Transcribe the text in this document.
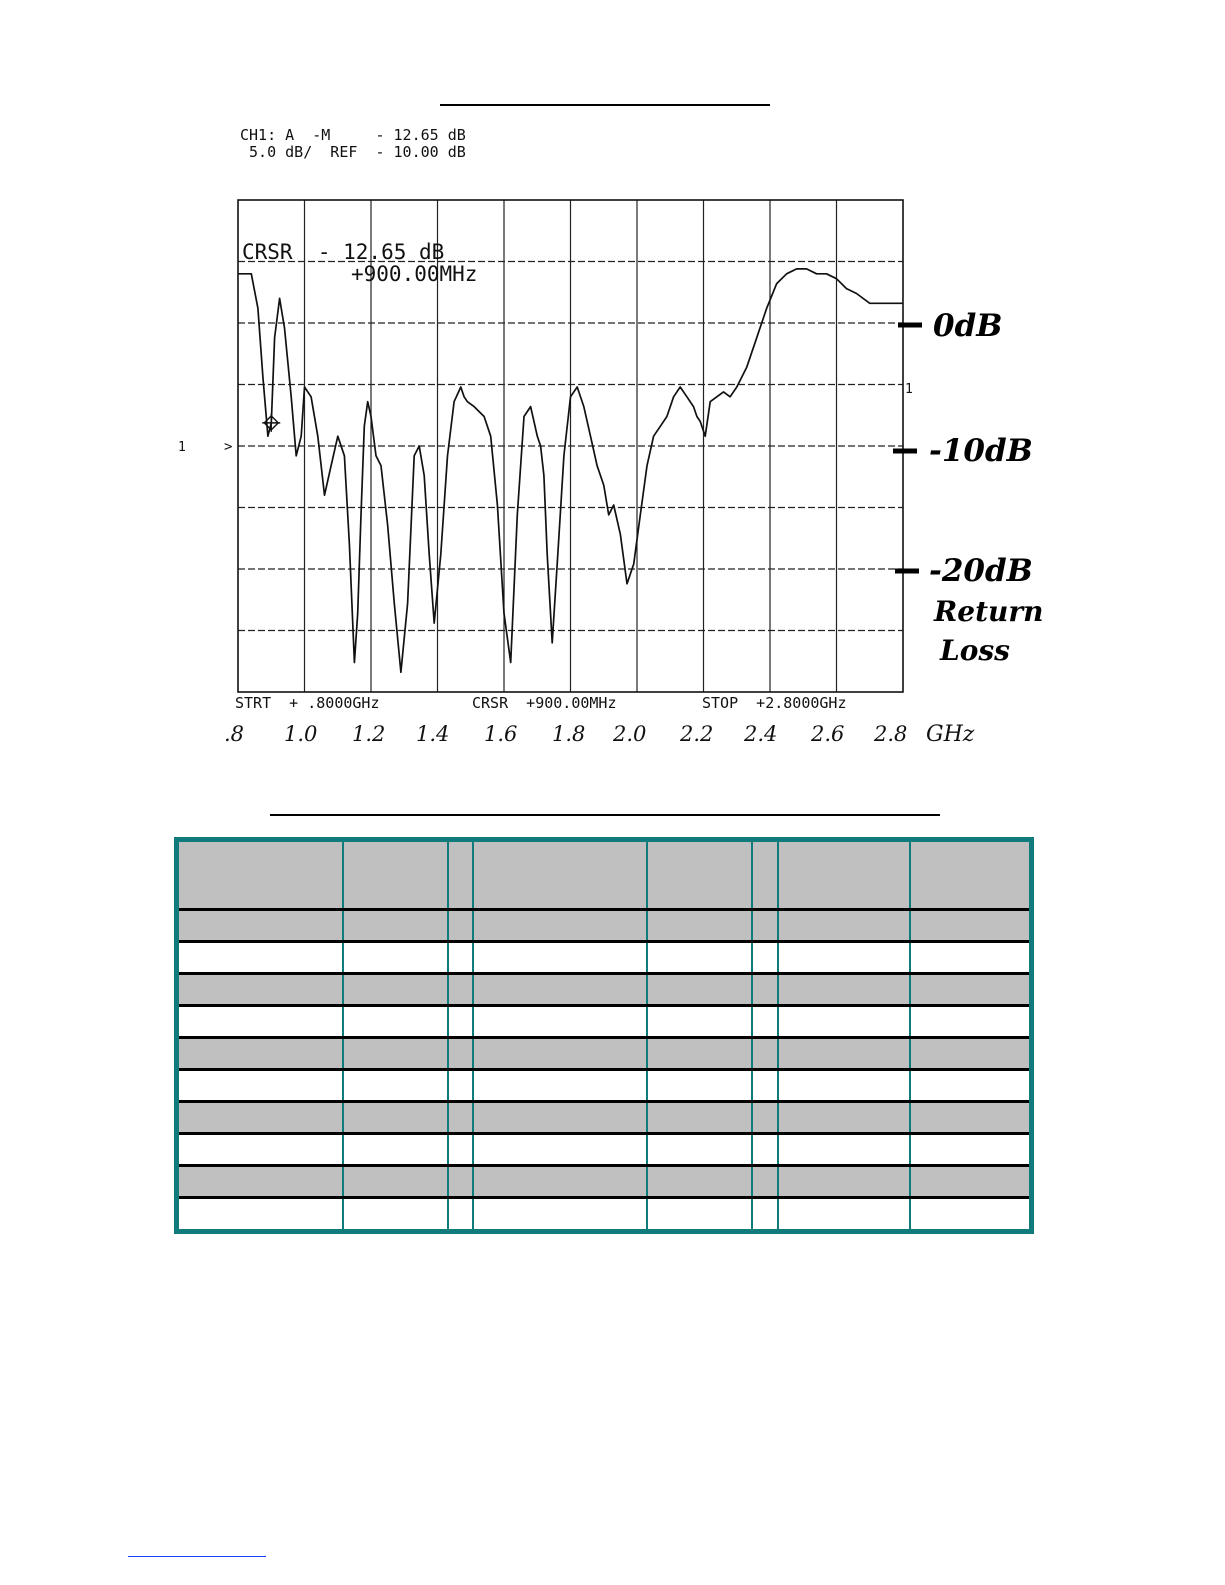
CH1: A  -M     - 12.65 dB
5.0 dB/  REF  - 10.00 dB
CRSR  - 12.65 dB
+900.00MHz
1	>
1
STRT  + .8000GHz	CRSR  +900.00MHz	STOP  +2.8000GHz
.8 1.0 1.2 1.4 1.6 1.8 2.0 2.2 2.4 2.6 2.8 GHz
0dB
-10dB
-20dB
Return
Loss
